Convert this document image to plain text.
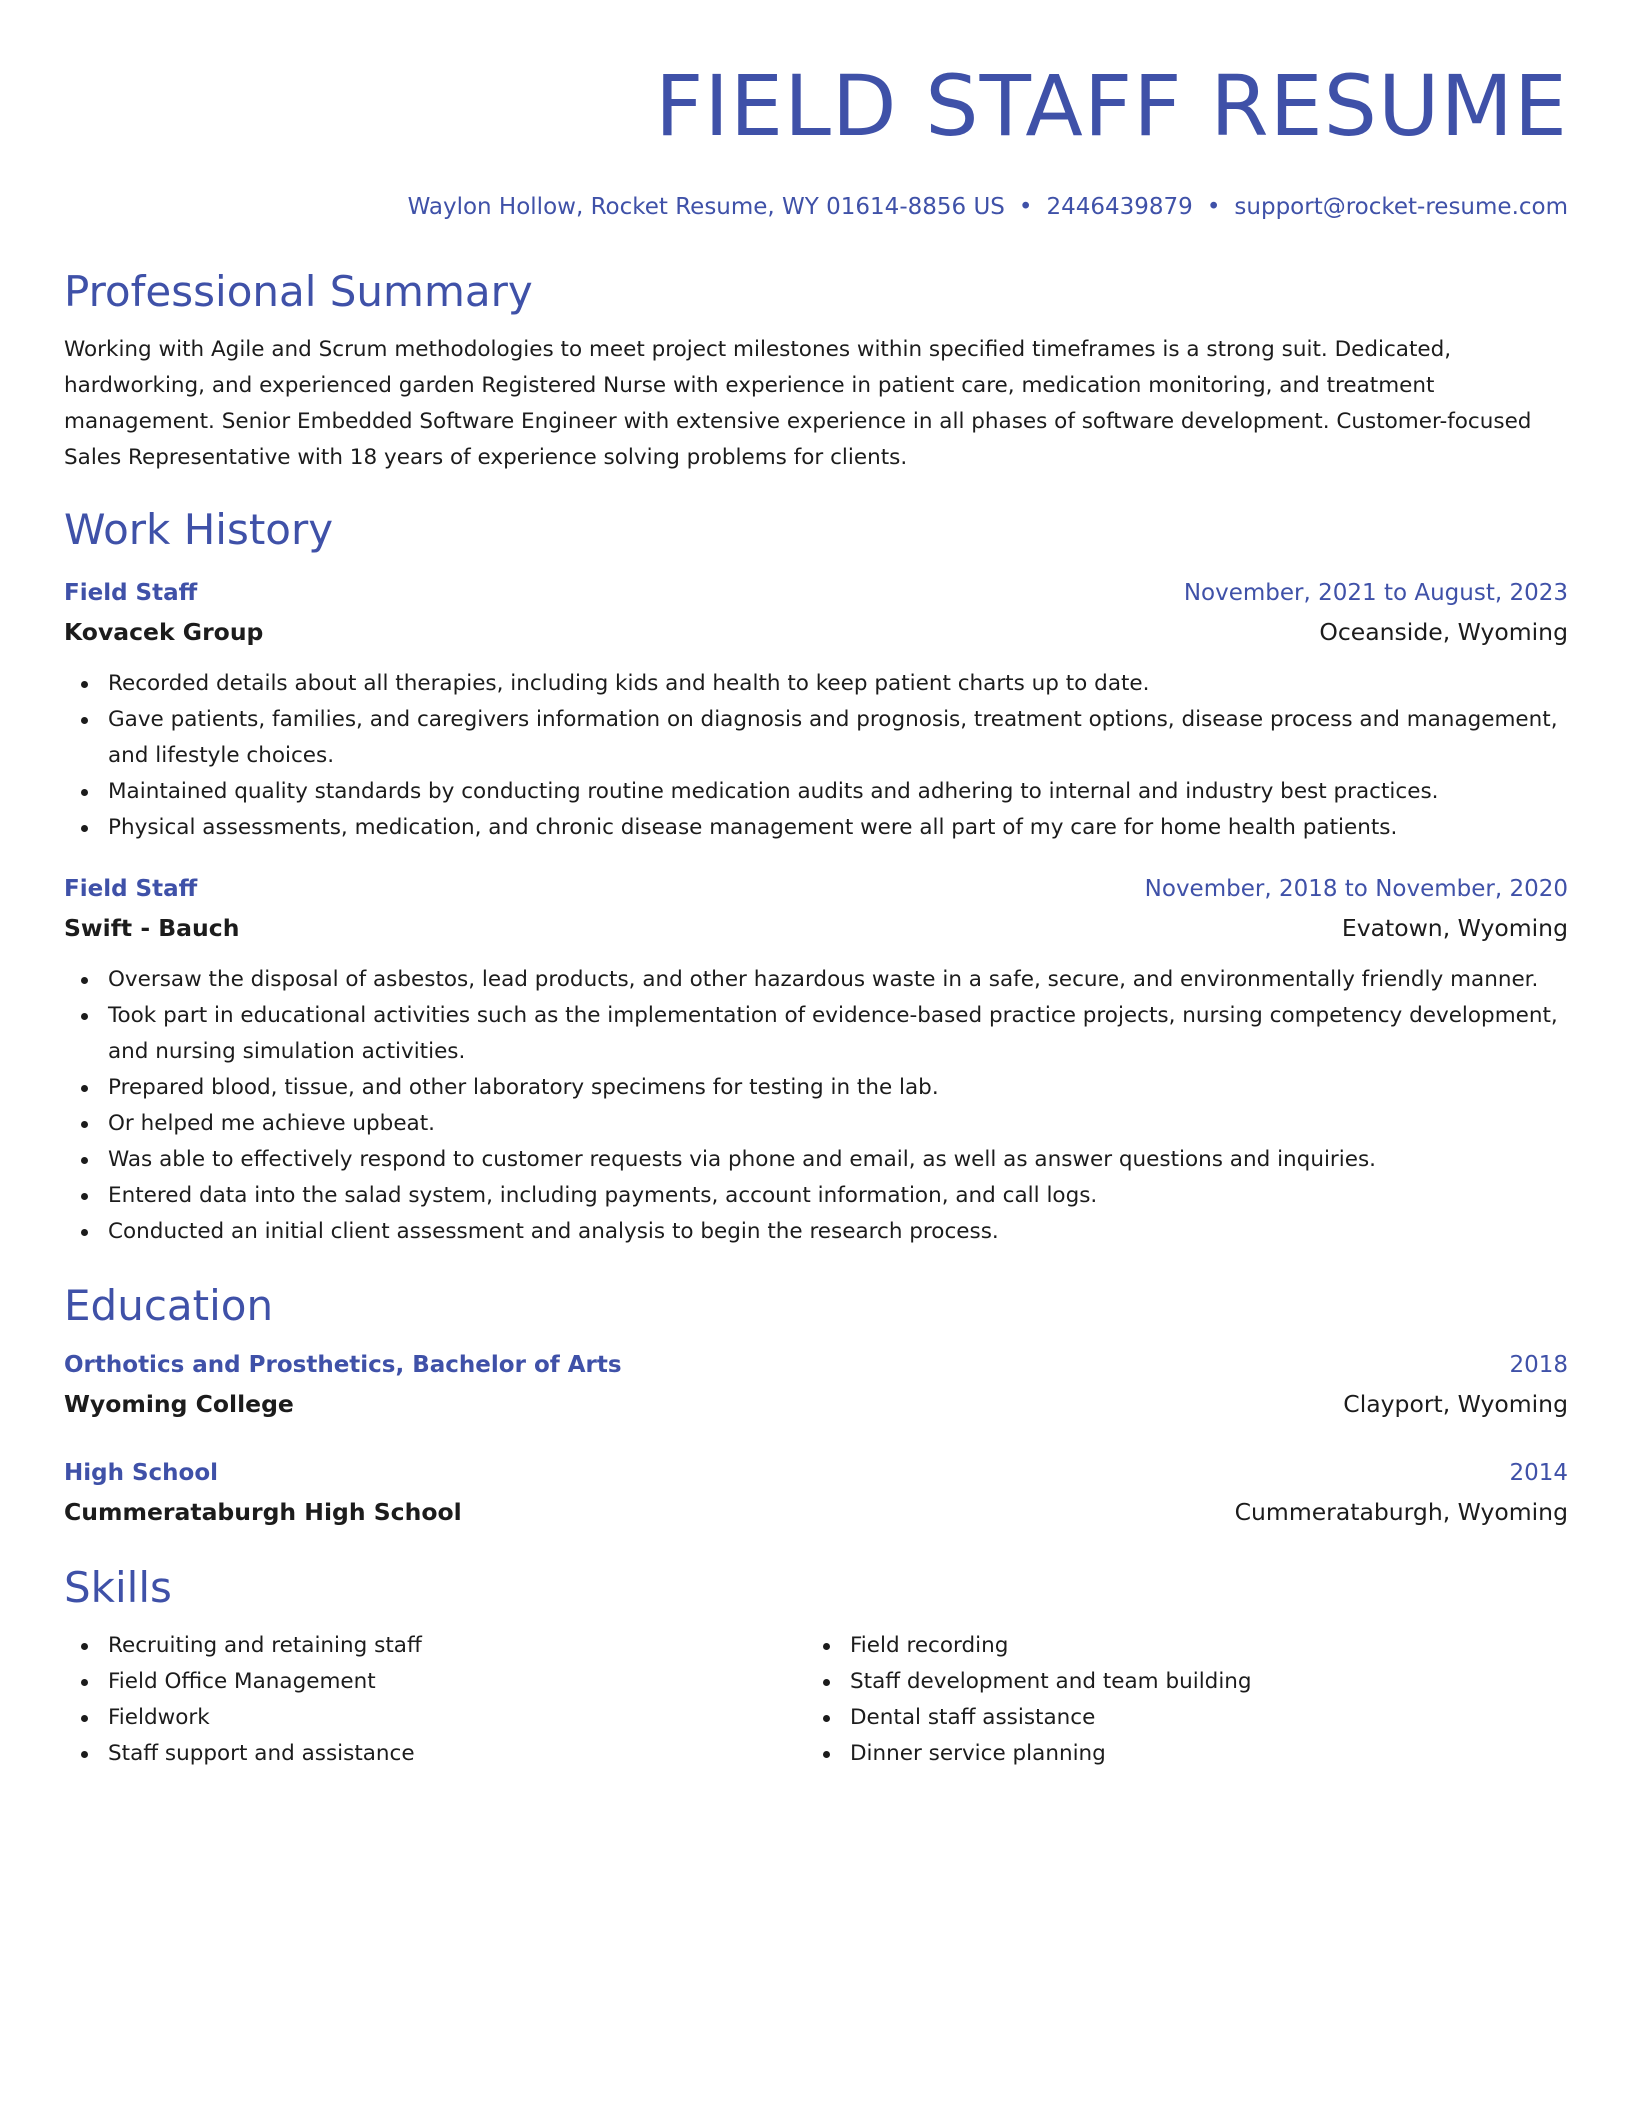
FIELD STAFF RESUME
Waylon Hollow, Rocket Resume, WY 01614-8856 US • 2446439879 • support@rocket-resume.com
Professional Summary

Working with Agile and Scrum methodologies to meet project milestones within specified timeframes is a strong suit. Dedicated, hardworking, and experienced garden Registered Nurse with experience in patient care, medication monitoring, and treatment management. Senior Embedded Software Engineer with extensive experience in all phases of software development. Customer-focused Sales Representative with 18 years of experience solving problems for clients.

Work History
Field Staff	November, 2021 to August, 2023
Kovacek Group	Oceanside, Wyoming
Recorded details about all therapies, including kids and health to keep patient charts up to date.
Gave patients, families, and caregivers information on diagnosis and prognosis, treatment options, disease process and management, and lifestyle choices.
Maintained quality standards by conducting routine medication audits and adhering to internal and industry best practices.
Physical assessments, medication, and chronic disease management were all part of my care for home health patients.
Field Staff	November, 2018 to November, 2020
Swift - Bauch	Evatown, Wyoming
Oversaw the disposal of asbestos, lead products, and other hazardous waste in a safe, secure, and environmentally friendly manner.
Took part in educational activities such as the implementation of evidence-based practice projects, nursing competency development, and nursing simulation activities.
Prepared blood, tissue, and other laboratory specimens for testing in the lab.
Or helped me achieve upbeat.
Was able to effectively respond to customer requests via phone and email, as well as answer questions and inquiries.
Entered data into the salad system, including payments, account information, and call logs.
Conducted an initial client assessment and analysis to begin the research process.
Education
Orthotics and Prosthetics, Bachelor of Arts	2018
Wyoming College	Clayport, Wyoming
High School	2014
Cummerataburgh High School	Cummerataburgh, Wyoming
Skills
Recruiting and retaining staff
Field Office Management
Fieldwork
Staff support and assistance
Field recording
Staff development and team building
Dental staff assistance
Dinner service planning
